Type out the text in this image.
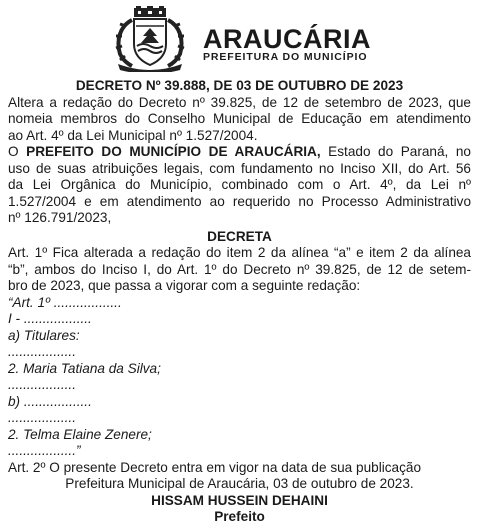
ARAUCÁRIA
PREFEITURA DO MUNICÍPIO

DECRETO Nº 39.888, DE 03 DE OUTUBRO DE 2023

Altera a redação do Decreto nº 39.825, de 12 de setembro de 2023, que

nomeia membros do Conselho Municipal de Educação em atendimento

ao Art. 4º da Lei Municipal nº 1.527/2004.

O PREFEITO DO MUNICÍPIO DE ARAUCÁRIA, Estado do Paraná, no

uso de suas atribuições legais, com fundamento no Inciso XII, do Art. 56

da Lei Orgânica do Município, combinado com o Art. 4º, da Lei nº

1.527/2004 e em atendimento ao requerido no Processo Administrativo

nº 126.791/2023,

DECRETA

Art. 1º Fica alterada a redação do item 2 da alínea “a” e item 2 da alínea

“b”, ambos do Inciso I, do Art. 1º do Decreto nº 39.825, de 12 de setem-

bro de 2023, que passa a vigorar com a seguinte redação:

“Art. 1º ..................

I - ..................

a) Titulares:

..................

2. Maria Tatiana da Silva;

..................

b) ..................

..................

2. Telma Elaine Zenere;

..................”

Art. 2º O presente Decreto entra em vigor na data de sua publicação

Prefeitura Municipal de Araucária, 03 de outubro de 2023.

HISSAM HUSSEIN DEHAINI

Prefeito
